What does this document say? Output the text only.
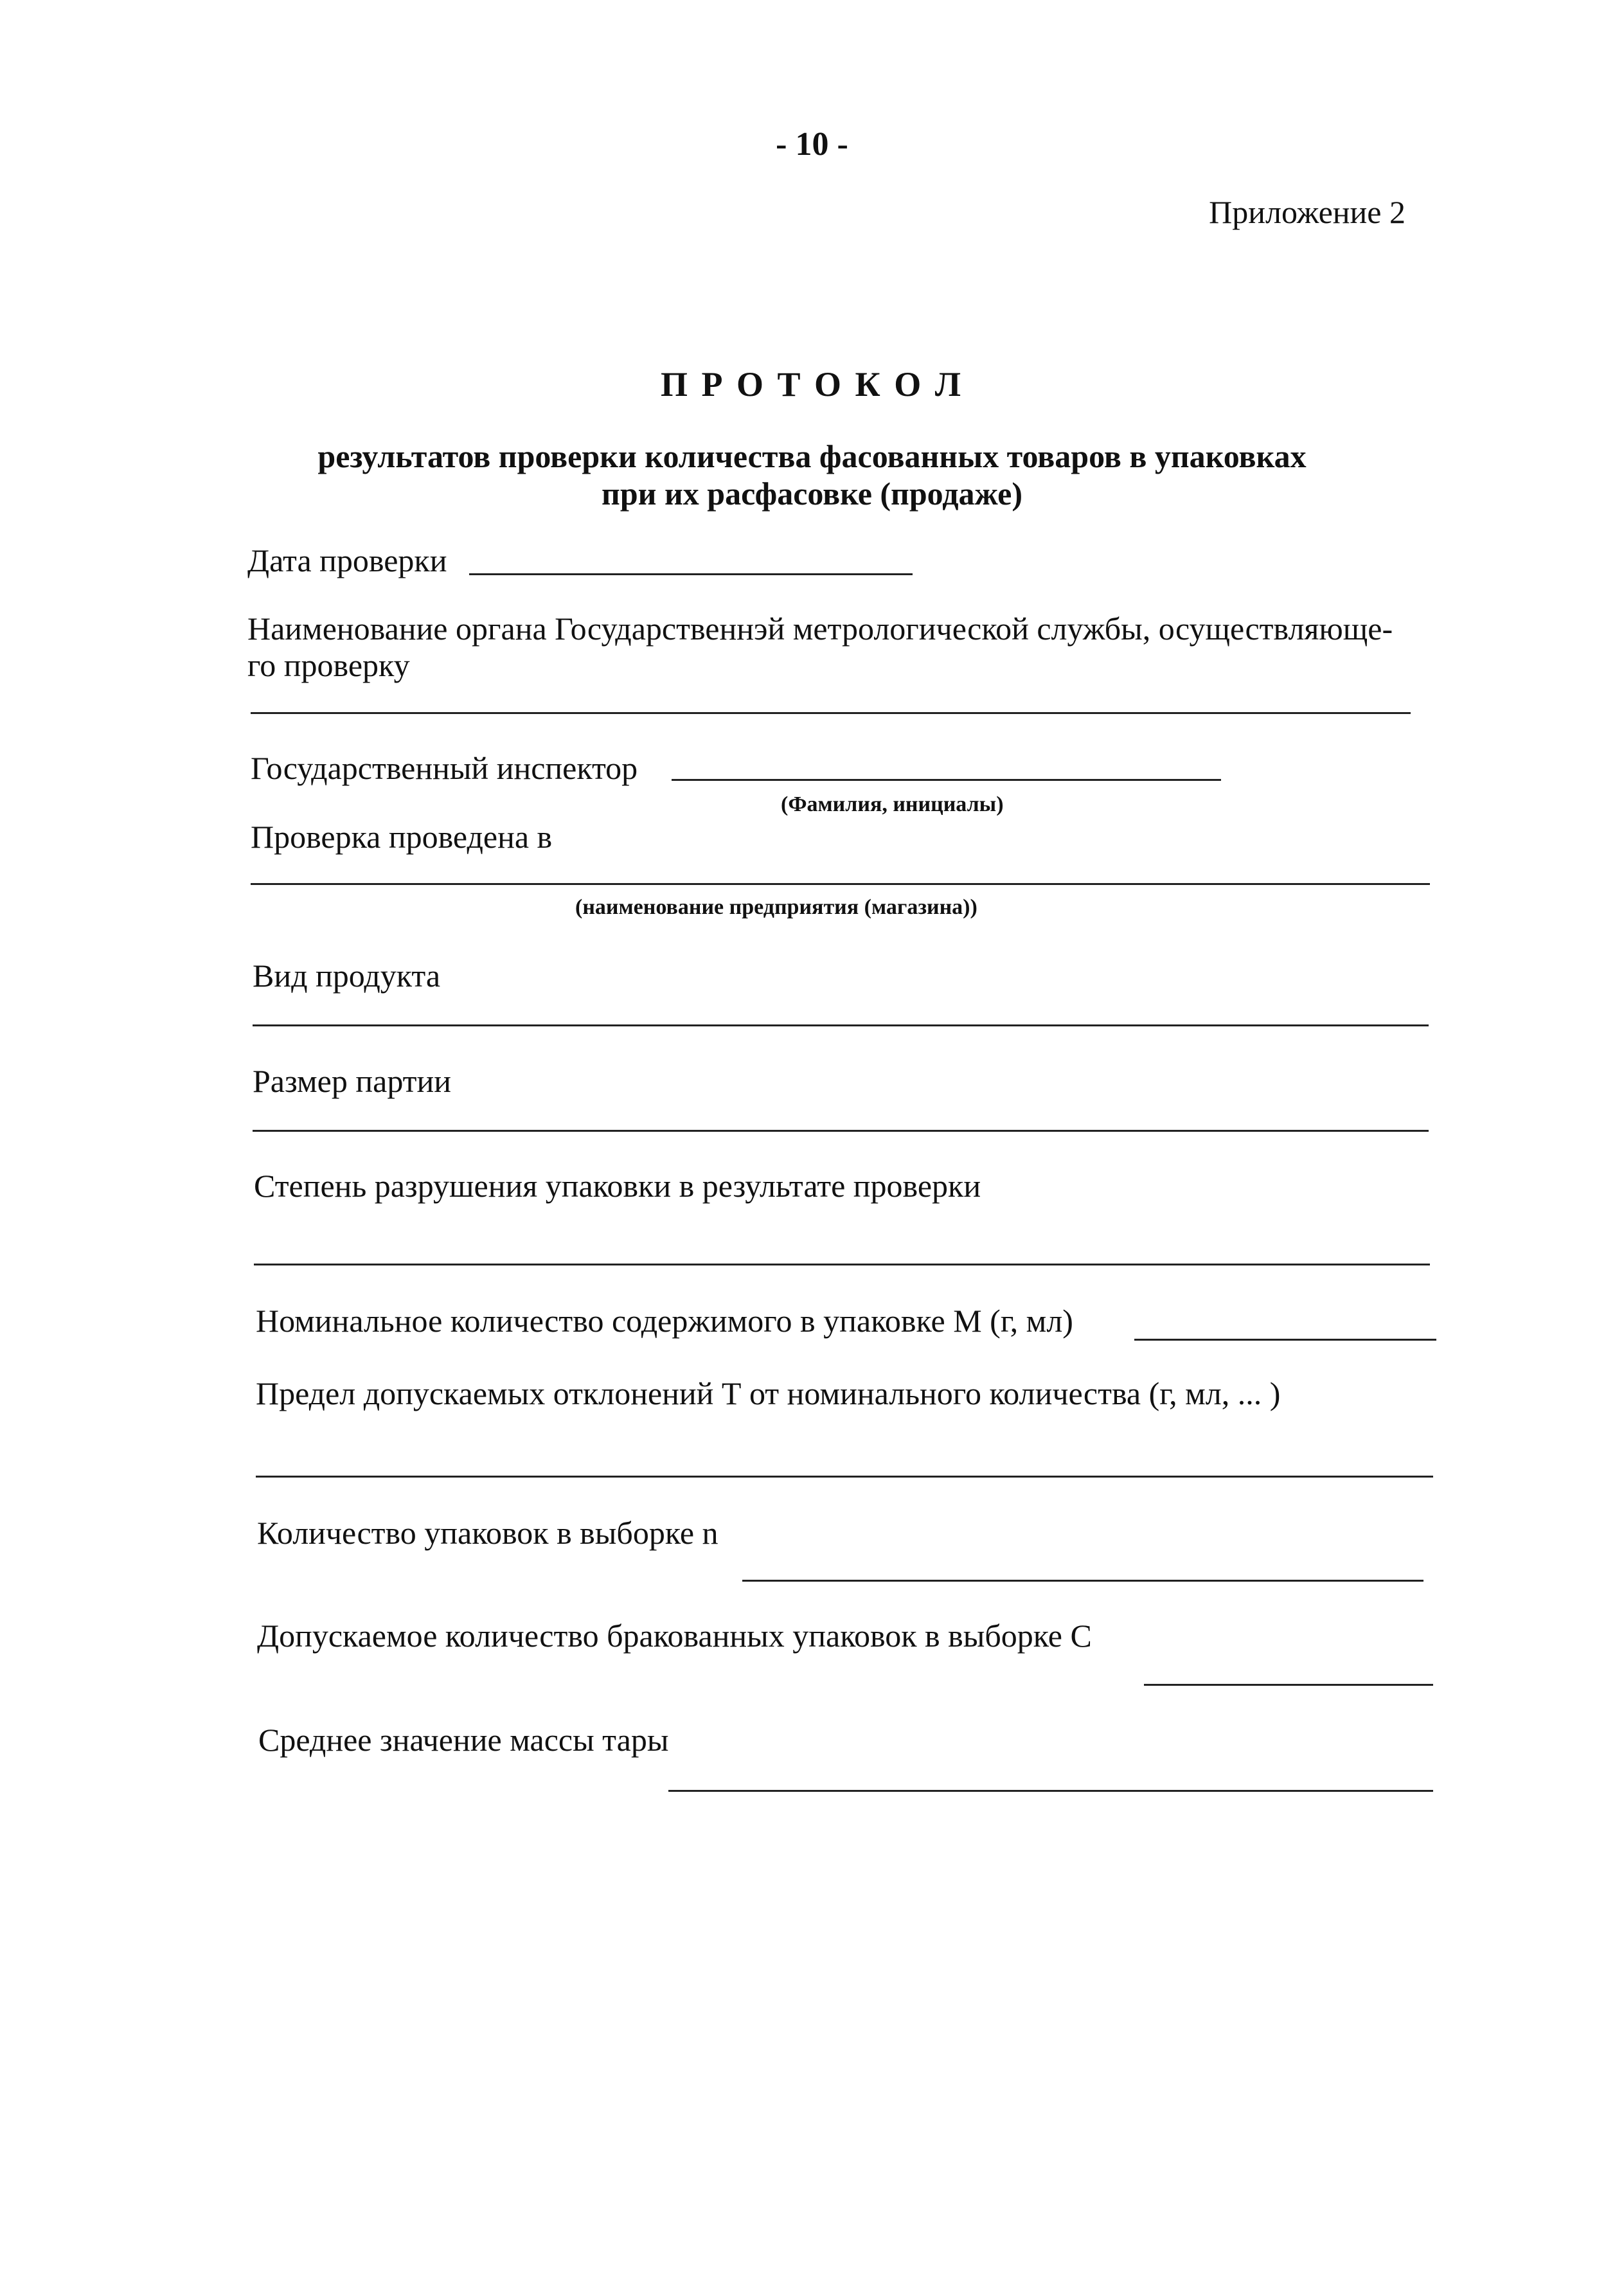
- 10 -
Приложение 2
П Р О Т О К О Л
результатов проверки количества фасованных товаров в упаковках
при их расфасовке (продаже)
Дата проверки
Наименование органа Государственнэй метрологической службы, осуществляюще-
го проверку
Государственный инспектор
(Фамилия, инициалы)
Проверка проведена в
(наименование предприятия (магазина))
Вид продукта
Размер партии
Степень разрушения упаковки в результате проверки
Номинальное количество содержимого в упаковке М (г, мл)
Предел допускаемых отклонений Т от номинального количества (г, мл, ... )
Количество упаковок в выборке n
Допускаемое количество бракованных упаковок в выборке С
Среднее значение массы тары
